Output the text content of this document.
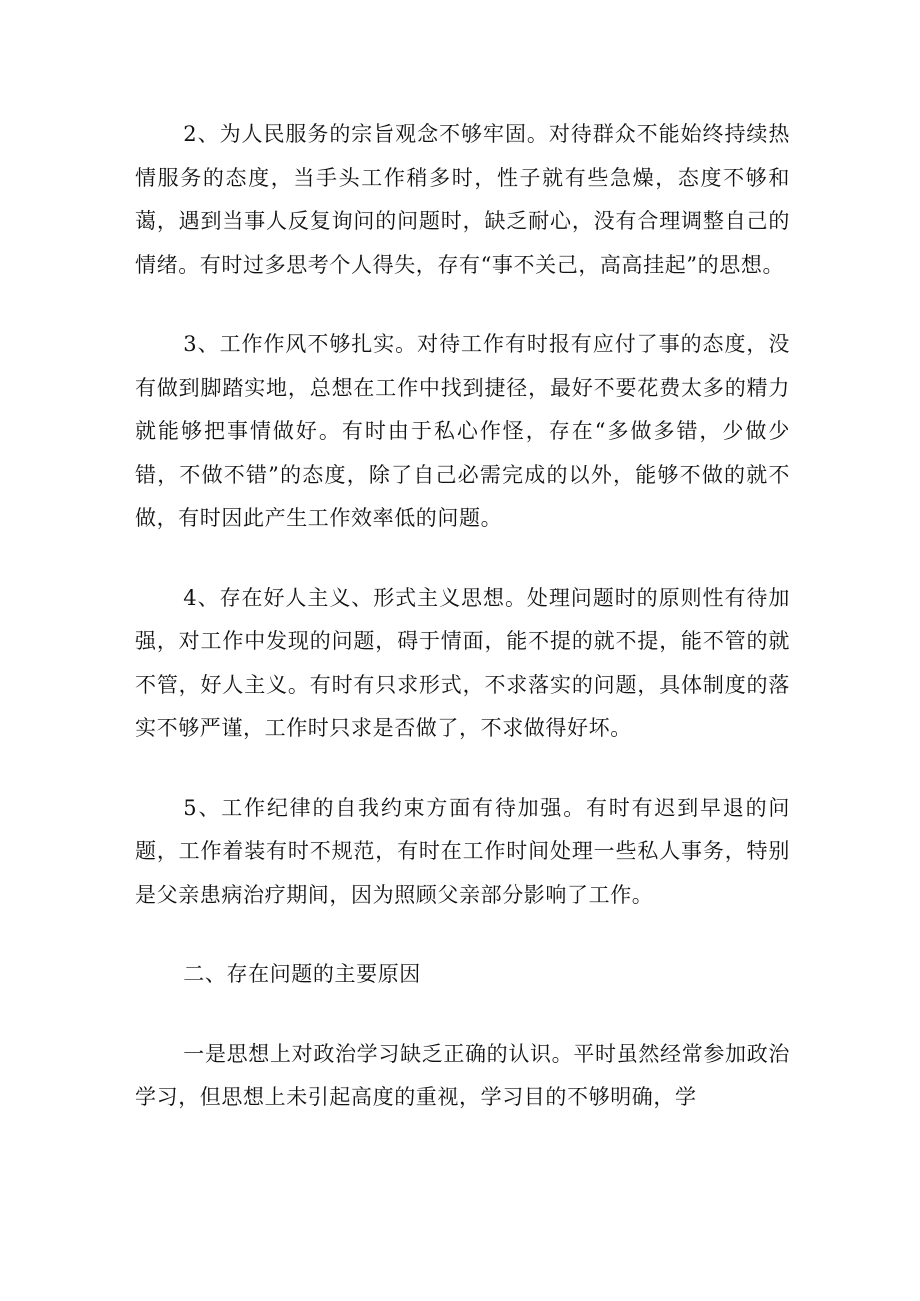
2、为人民服务的宗旨观念不够牢固。对待群众不能始终持续热情服务的态度，当手头工作稍多时，性子就有些急燥，态度不够和蔼，遇到当事人反复询问的问题时，缺乏耐心，没有合理调整自己的情绪。有时过多思考个人得失，存有“事不关己，高高挂起”的思想。

3、工作作风不够扎实。对待工作有时报有应付了事的态度，没有做到脚踏实地，总想在工作中找到捷径，最好不要花费太多的精力就能够把事情做好。有时由于私心作怪，存在“多做多错，少做少错，不做不错”的态度，除了自己必需完成的以外，能够不做的就不做，有时因此产生工作效率低的问题。

4、存在好人主义、形式主义思想。处理问题时的原则性有待加强，对工作中发现的问题，碍于情面，能不提的就不提，能不管的就不管，好人主义。有时有只求形式，不求落实的问题，具体制度的落实不够严谨，工作时只求是否做了，不求做得好坏。

5、工作纪律的自我约束方面有待加强。有时有迟到早退的问题，工作着装有时不规范，有时在工作时间处理一些私人事务，特别是父亲患病治疗期间，因为照顾父亲部分影响了工作。

二、存在问题的主要原因

一是思想上对政治学习缺乏正确的认识。平时虽然经常参加政治学习，但思想上未引起高度的重视，学习目的不够明确，学
